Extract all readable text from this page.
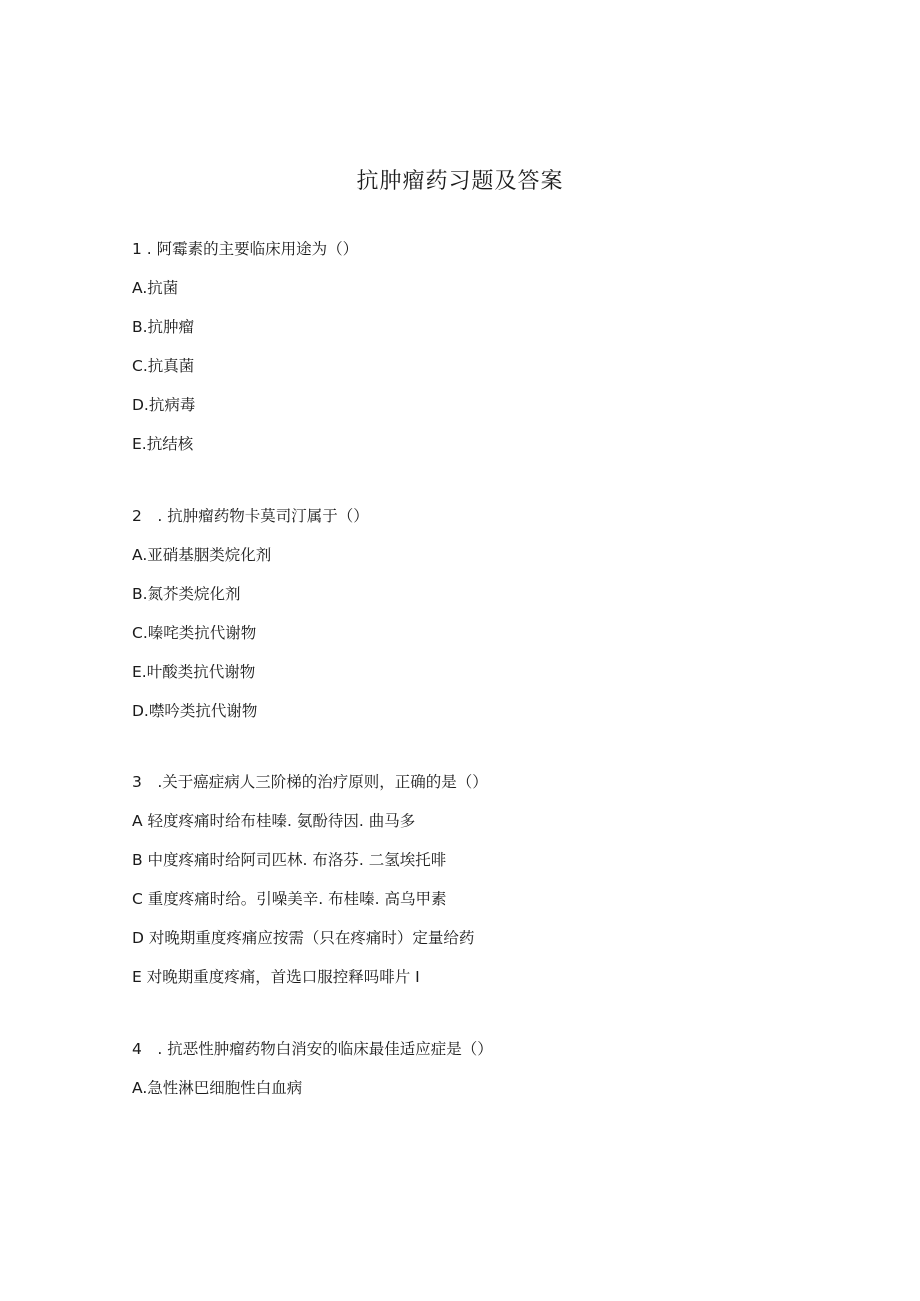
抗肿瘤药习题及答案
1 . 阿霉素的主要临床用途为（）
A.抗菌
B.抗肿瘤
C.抗真菌
D.抗病毒
E.抗结核
2　. 抗肿瘤药物卡莫司汀属于（）
A.亚硝基胭类烷化剂
B.氮芥类烷化剂
C.嗪咤类抗代谢物
E.叶酸类抗代谢物
D.噤吟类抗代谢物
3　.关于癌症病人三阶梯的治疗原则，正确的是（）
A 轻度疼痛时给布桂嗪. 氨酚待因. 曲马多
B 中度疼痛时给阿司匹林. 布洛芬. 二氢埃托啡
C 重度疼痛时给。引噪美辛. 布桂嗪. 高乌甲素
D 对晚期重度疼痛应按需（只在疼痛时）定量给药
E 对晚期重度疼痛，首选口服控释吗啡片 I
4　. 抗恶性肿瘤药物白消安的临床最佳适应症是（）
A.急性淋巴细胞性白血病
